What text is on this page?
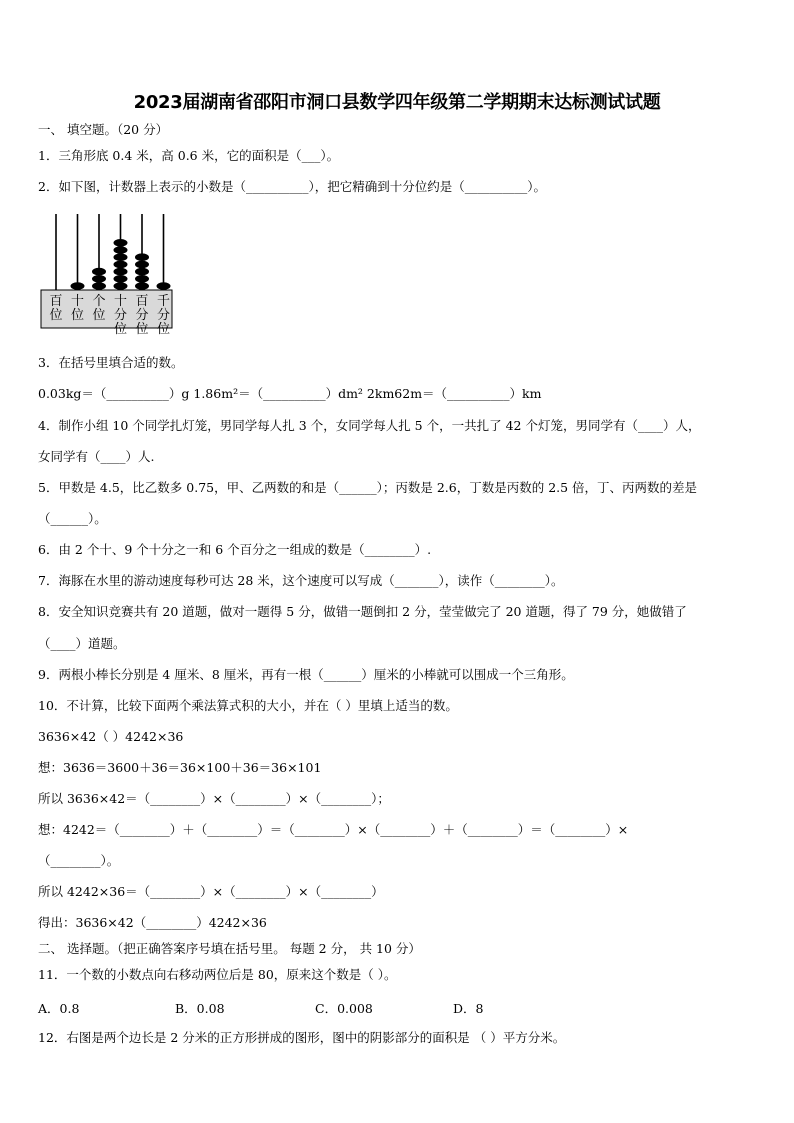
2023届湖南省邵阳市洞口县数学四年级第二学期期末达标测试试题
一、 填空题。（20 分）
1．三角形底 0.4 米，高 0.6 米，它的面积是（___）。
2．如下图，计数器上表示的小数是（__________），把它精确到十分位约是（__________）。
百
位
十
位
个
位
十
分
位
百
分
位
千
分
位
3．在括号里填合适的数。
0.03kg＝（__________）g 1.86m²＝（__________）dm² 2km62m＝（__________）km
4．制作小组 10 个同学扎灯笼，男同学每人扎 3 个，女同学每人扎 5 个，一共扎了 42 个灯笼，男同学有（____）人，
女同学有（____）人.
5．甲数是 4.5，比乙数多 0.75，甲、乙两数的和是（______）；丙数是 2.6，丁数是丙数的 2.5 倍，丁、丙两数的差是
（______）。
6．由 2 个十、9 个十分之一和 6 个百分之一组成的数是（________）.
7．海豚在水里的游动速度每秒可达 28 米，这个速度可以写成（_______），读作（________）。
8．安全知识竞赛共有 20 道题，做对一题得 5 分，做错一题倒扣 2 分，莹莹做完了 20 道题，得了 79 分，她做错了
（____）道题。
9．两根小棒长分别是 4 厘米、8 厘米，再有一根（______）厘米的小棒就可以围成一个三角形。
10．不计算，比较下面两个乘法算式积的大小，并在（ ）里填上适当的数。
3636×42（ ）4242×36
想：3636＝3600＋36＝36×100＋36＝36×101
所以 3636×42＝（________）×（________）×（________）；
想：4242＝（________）＋（________）＝（________）×（________）＋（________）＝（________）×
（________）。
所以 4242×36＝（________）×（________）×（________）
得出：3636×42（________）4242×36
二、 选择题。（把正确答案序号填在括号里。 每题 2 分， 共 10 分）
11．一个数的小数点向右移动两位后是 80，原来这个数是（ ）。
A．0.8	B．0.08	C．0.008	D．8
12．右图是两个边长是 2 分米的正方形拼成的图形，图中的阴影部分的面积是 （ ）平方分米。
